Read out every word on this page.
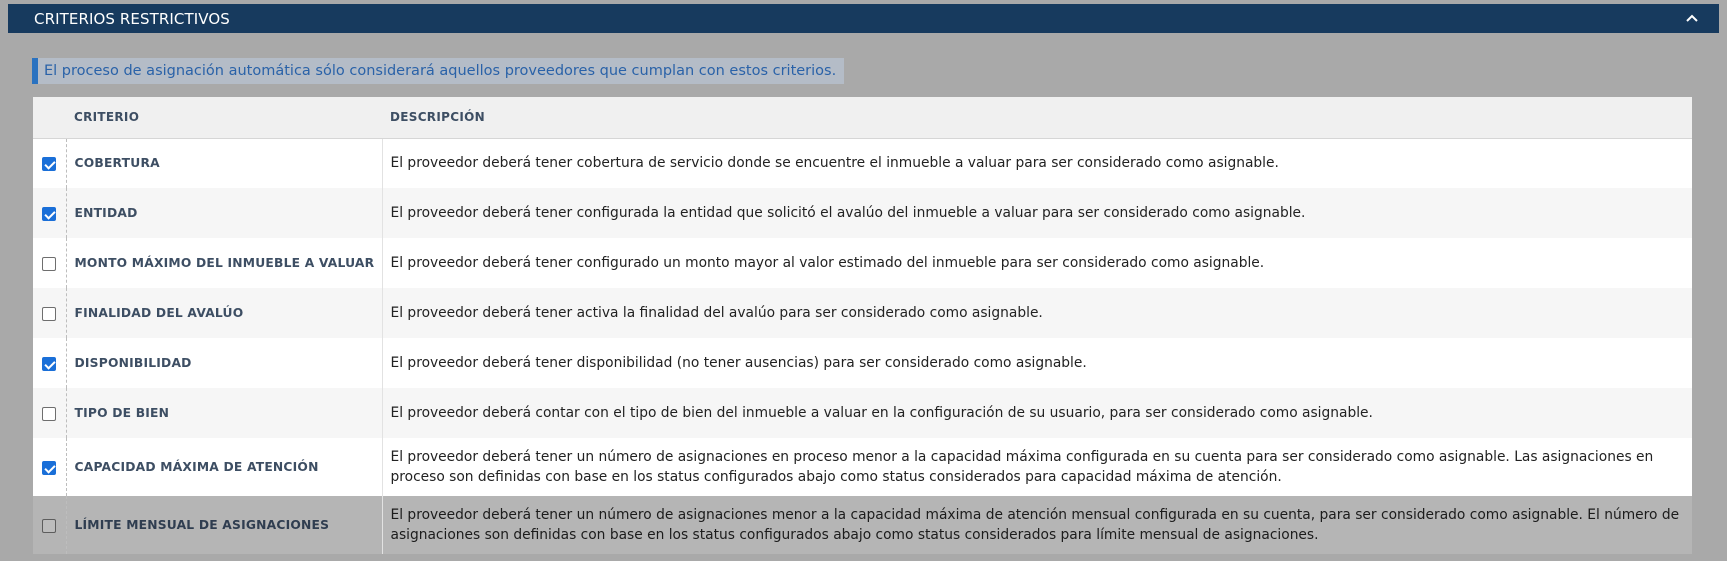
CRITERIOS RESTRICTIVOS
El proceso de asignación automática sólo considerará aquellos proveedores que cumplan con estos criterios.
	CRITERIO	DESCRIPCIÓN
	COBERTURA	El proveedor deberá tener cobertura de servicio donde se encuentre el inmueble a valuar para ser considerado como asignable.
	ENTIDAD	El proveedor deberá tener configurada la entidad que solicitó el avalúo del inmueble a valuar para ser considerado como asignable.
	MONTO MÁXIMO DEL INMUEBLE A VALUAR	El proveedor deberá tener configurado un monto mayor al valor estimado del inmueble para ser considerado como asignable.
	FINALIDAD DEL AVALÚO	El proveedor deberá tener activa la finalidad del avalúo para ser considerado como asignable.
	DISPONIBILIDAD	El proveedor deberá tener disponibilidad (no tener ausencias) para ser considerado como asignable.
	TIPO DE BIEN	El proveedor deberá contar con el tipo de bien del inmueble a valuar en la configuración de su usuario, para ser considerado como asignable.
	CAPACIDAD MÁXIMA DE ATENCIÓN	El proveedor deberá tener un número de asignaciones en proceso menor a la capacidad máxima configurada en su cuenta para ser considerado como asignable. Las asignaciones en proceso son definidas con base en los status configurados abajo como status considerados para capacidad máxima de atención.
	LÍMITE MENSUAL DE ASIGNACIONES	El proveedor deberá tener un número de asignaciones menor a la capacidad máxima de atención mensual configurada en su cuenta, para ser considerado como asignable. El número de asignaciones son definidas con base en los status configurados abajo como status considerados para límite mensual de asignaciones.
